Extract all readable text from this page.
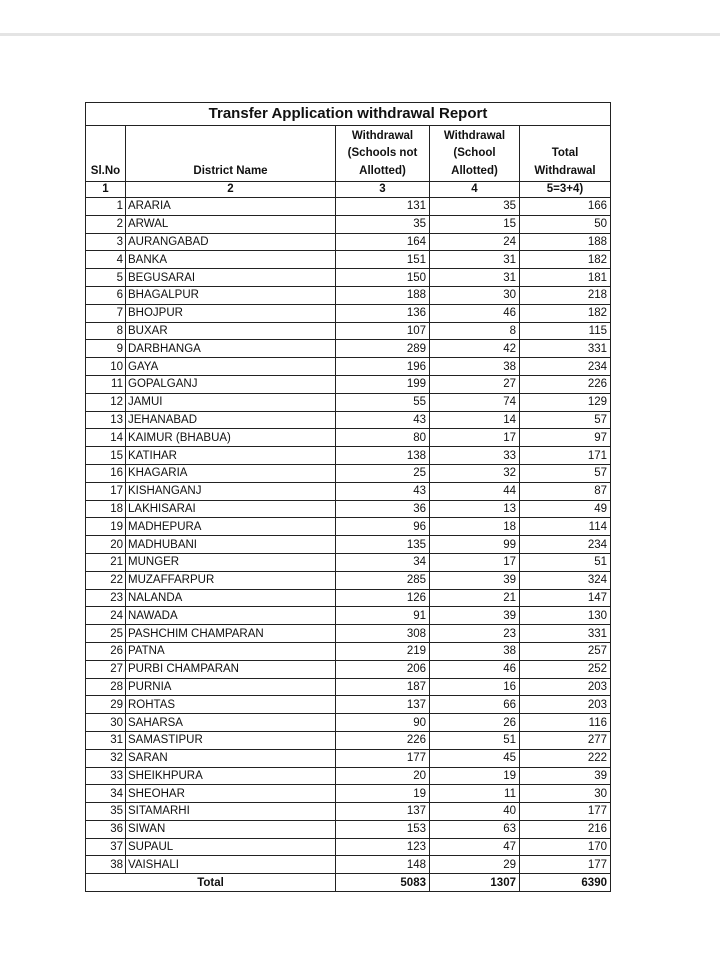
Transfer Application withdrawal Report				
Sl.No	District Name	Withdrawal (Schools not Allotted)	Withdrawal (School Allotted)	Total Withdrawal
1	2	3	4	5=3+4)
1	ARARIA	131	35	166
2	ARWAL	35	15	50
3	AURANGABAD	164	24	188
4	BANKA	151	31	182
5	BEGUSARAI	150	31	181
6	BHAGALPUR	188	30	218
7	BHOJPUR	136	46	182
8	BUXAR	107	8	115
9	DARBHANGA	289	42	331
10	GAYA	196	38	234
11	GOPALGANJ	199	27	226
12	JAMUI	55	74	129
13	JEHANABAD	43	14	57
14	KAIMUR (BHABUA)	80	17	97
15	KATIHAR	138	33	171
16	KHAGARIA	25	32	57
17	KISHANGANJ	43	44	87
18	LAKHISARAI	36	13	49
19	MADHEPURA	96	18	114
20	MADHUBANI	135	99	234
21	MUNGER	34	17	51
22	MUZAFFARPUR	285	39	324
23	NALANDA	126	21	147
24	NAWADA	91	39	130
25	PASHCHIM CHAMPARAN	308	23	331
26	PATNA	219	38	257
27	PURBI CHAMPARAN	206	46	252
28	PURNIA	187	16	203
29	ROHTAS	137	66	203
30	SAHARSA	90	26	116
31	SAMASTIPUR	226	51	277
32	SARAN	177	45	222
33	SHEIKHPURA	20	19	39
34	SHEOHAR	19	11	30
35	SITAMARHI	137	40	177
36	SIWAN	153	63	216
37	SUPAUL	123	47	170
38	VAISHALI	148	29	177
Total		5083	1307	6390
